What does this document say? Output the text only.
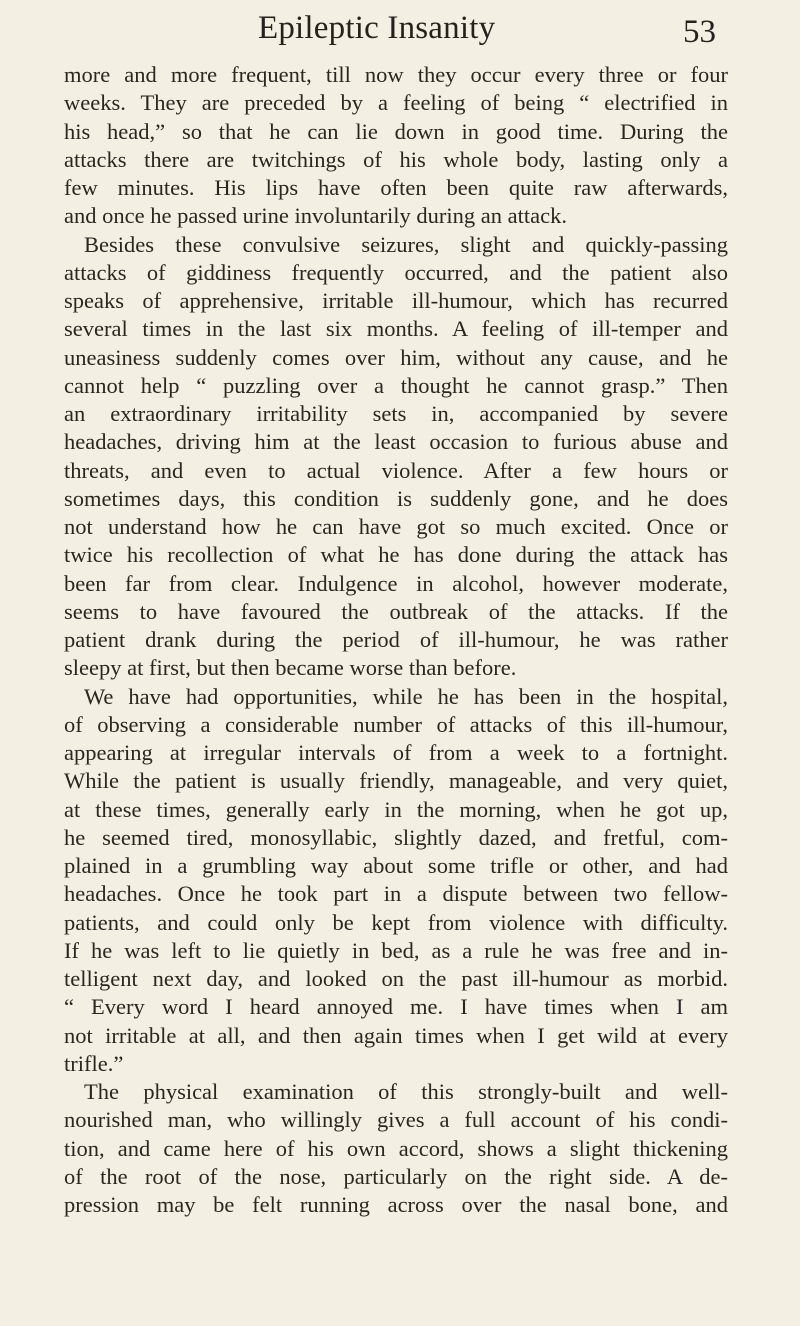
Epileptic Insanity	53
more and more frequent, till now they occur every three or four
weeks. They are preceded by a feeling of being “ electrified in
his head,” so that he can lie down in good time. During the
attacks there are twitchings of his whole body, lasting only a
few minutes. His lips have often been quite raw afterwards,
and once he passed urine involuntarily during an attack.
Besides these convulsive seizures, slight and quickly-passing
attacks of giddiness frequently occurred, and the patient also
speaks of apprehensive, irritable ill-humour, which has recurred
several times in the last six months. A feeling of ill-temper and
uneasiness suddenly comes over him, without any cause, and he
cannot help “ puzzling over a thought he cannot grasp.” Then
an extraordinary irritability sets in, accompanied by severe
headaches, driving him at the least occasion to furious abuse and
threats, and even to actual violence. After a few hours or
sometimes days, this condition is suddenly gone, and he does
not understand how he can have got so much excited. Once or
twice his recollection of what he has done during the attack has
been far from clear. Indulgence in alcohol, however moderate,
seems to have favoured the outbreak of the attacks. If the
patient drank during the period of ill-humour, he was rather
sleepy at first, but then became worse than before.
We have had opportunities, while he has been in the hospital,
of observing a considerable number of attacks of this ill-humour,
appearing at irregular intervals of from a week to a fortnight.
While the patient is usually friendly, manageable, and very quiet,
at these times, generally early in the morning, when he got up,
he seemed tired, monosyllabic, slightly dazed, and fretful, com-
plained in a grumbling way about some trifle or other, and had
headaches. Once he took part in a dispute between two fellow-
patients, and could only be kept from violence with difficulty.
If he was left to lie quietly in bed, as a rule he was free and in-
telligent next day, and looked on the past ill-humour as morbid.
“ Every word I heard annoyed me. I have times when I am
not irritable at all, and then again times when I get wild at every
trifle.”
The physical examination of this strongly-built and well-
nourished man, who willingly gives a full account of his condi-
tion, and came here of his own accord, shows a slight thickening
of the root of the nose, particularly on the right side. A de-
pression may be felt running across over the nasal bone, and
